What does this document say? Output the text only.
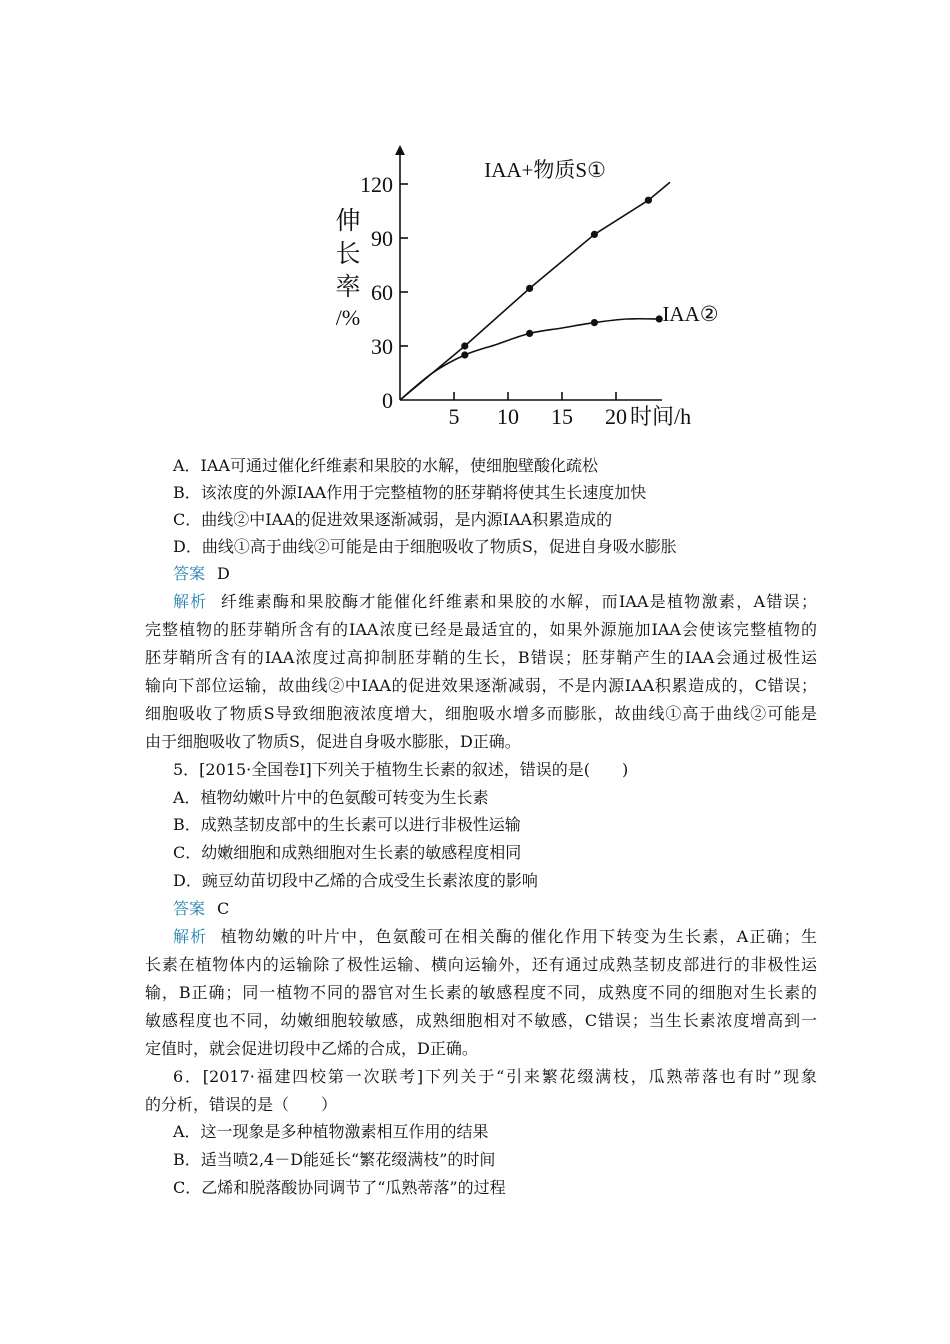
0
30
60
90
120
5 10 15 20
伸
长
率
/%
时间/h
IAA+物质S①
IAA②
A．IAA可通过催化纤维素和果胶的水解，使细胞壁酸化疏松
B．该浓度的外源IAA作用于完整植物的胚芽鞘将使其生长速度加快
C．曲线②中IAA的促进效果逐渐减弱，是内源IAA积累造成的
D．曲线①高于曲线②可能是由于细胞吸收了物质S，促进自身吸水膨胀
答案 D
解析 纤维素酶和果胶酶才能催化纤维素和果胶的水解，而IAA是植物激素，A错误；
完整植物的胚芽鞘所含有的IAA浓度已经是最适宜的，如果外源施加IAA会使该完整植物的
胚芽鞘所含有的IAA浓度过高抑制胚芽鞘的生长，B错误；胚芽鞘产生的IAA会通过极性运
输向下部位运输，故曲线②中IAA的促进效果逐渐减弱，不是内源IAA积累造成的，C错误；
细胞吸收了物质S导致细胞液浓度增大，细胞吸水增多而膨胀，故曲线①高于曲线②可能是
由于细胞吸收了物质S，促进自身吸水膨胀，D正确。
5．[2015·全国卷Ⅰ]下列关于植物生长素的叙述，错误的是(　　)
A．植物幼嫩叶片中的色氨酸可转变为生长素
B．成熟茎韧皮部中的生长素可以进行非极性运输
C．幼嫩细胞和成熟细胞对生长素的敏感程度相同
D．豌豆幼苗切段中乙烯的合成受生长素浓度的影响
答案 C
解析 植物幼嫩的叶片中，色氨酸可在相关酶的催化作用下转变为生长素，A正确；生
长素在植物体内的运输除了极性运输、横向运输外，还有通过成熟茎韧皮部进行的非极性运
输，B正确；同一植物不同的器官对生长素的敏感程度不同，成熟度不同的细胞对生长素的
敏感程度也不同，幼嫩细胞较敏感，成熟细胞相对不敏感，C错误；当生长素浓度增高到一
定值时，就会促进切段中乙烯的合成，D正确。
6．[2017·福建四校第一次联考]下列关于“引来繁花缀满枝，瓜熟蒂落也有时”现象
的分析，错误的是（　　）
A．这一现象是多种植物激素相互作用的结果
B．适当喷2,4－D能延长“繁花缀满枝”的时间
C．乙烯和脱落酸协同调节了“瓜熟蒂落”的过程
